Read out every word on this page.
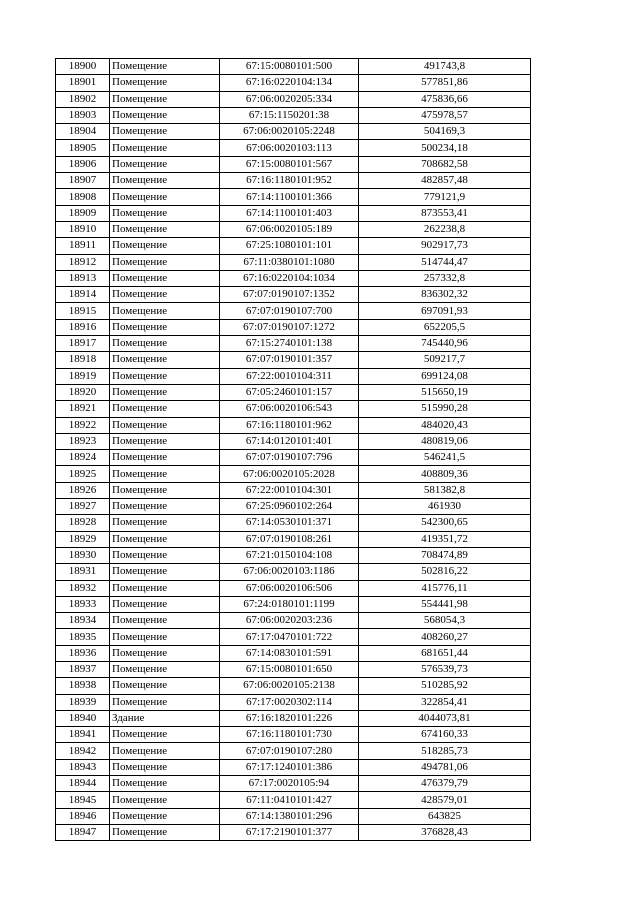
18900	Помещение	67:15:0080101:500	491743,8
18901	Помещение	67:16:0220104:134	577851,86
18902	Помещение	67:06:0020205:334	475836,66
18903	Помещение	67:15:1150201:38	475978,57
18904	Помещение	67:06:0020105:2248	504169,3
18905	Помещение	67:06:0020103:113	500234,18
18906	Помещение	67:15:0080101:567	708682,58
18907	Помещение	67:16:1180101:952	482857,48
18908	Помещение	67:14:1100101:366	779121,9
18909	Помещение	67:14:1100101:403	873553,41
18910	Помещение	67:06:0020105:189	262238,8
18911	Помещение	67:25:1080101:101	902917,73
18912	Помещение	67:11:0380101:1080	514744,47
18913	Помещение	67:16:0220104:1034	257332,8
18914	Помещение	67:07:0190107:1352	836302,32
18915	Помещение	67:07:0190107:700	697091,93
18916	Помещение	67:07:0190107:1272	652205,5
18917	Помещение	67:15:2740101:138	745440,96
18918	Помещение	67:07:0190101:357	509217,7
18919	Помещение	67:22:0010104:311	699124,08
18920	Помещение	67:05:2460101:157	515650,19
18921	Помещение	67:06:0020106:543	515990,28
18922	Помещение	67:16:1180101:962	484020,43
18923	Помещение	67:14:0120101:401	480819,06
18924	Помещение	67:07:0190107:796	546241,5
18925	Помещение	67:06:0020105:2028	408809,36
18926	Помещение	67:22:0010104:301	581382,8
18927	Помещение	67:25:0960102:264	461930
18928	Помещение	67:14:0530101:371	542300,65
18929	Помещение	67:07:0190108:261	419351,72
18930	Помещение	67:21:0150104:108	708474,89
18931	Помещение	67:06:0020103:1186	502816,22
18932	Помещение	67:06:0020106:506	415776,11
18933	Помещение	67:24:0180101:1199	554441,98
18934	Помещение	67:06:0020203:236	568054,3
18935	Помещение	67:17:0470101:722	408260,27
18936	Помещение	67:14:0830101:591	681651,44
18937	Помещение	67:15:0080101:650	576539,73
18938	Помещение	67:06:0020105:2138	510285,92
18939	Помещение	67:17:0020302:114	322854,41
18940	Здание	67:16:1820101:226	4044073,81
18941	Помещение	67:16:1180101:730	674160,33
18942	Помещение	67:07:0190107:280	518285,73
18943	Помещение	67:17:1240101:386	494781,06
18944	Помещение	67:17:0020105:94	476379,79
18945	Помещение	67:11:0410101:427	428579,01
18946	Помещение	67:14:1380101:296	643825
18947	Помещение	67:17:2190101:377	376828,43
